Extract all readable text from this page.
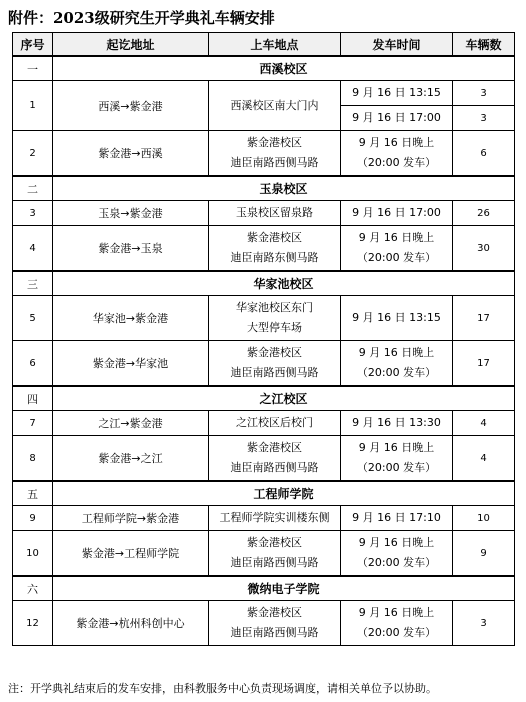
附件：2023级研究生开学典礼车辆安排
序号	起讫地址	上车地点	发车时间	车辆数
一	西溪校区			
1	西溪→紫金港	西溪校区南大门内	9 月 16 日 13:15	3

			9 月 16 日 17:00	3
2	紫金港→西溪	紫金港校区
迪臣南路西侧马路	9 月 16 日晚上
（20:00 发车）	6
二	玉泉校区			
3	玉泉→紫金港	玉泉校区留泉路	9 月 16 日 17:00	26
4	紫金港→玉泉	紫金港校区
迪臣南路东侧马路	9 月 16 日晚上
（20:00 发车）	30
三	华家池校区			
5	华家池→紫金港	华家池校区东门
大型停车场	9 月 16 日 13:15	17
6	紫金港→华家池	紫金港校区
迪臣南路西侧马路	9 月 16 日晚上
（20:00 发车）	17
四	之江校区			
7	之江→紫金港	之江校区后校门	9 月 16 日 13:30	4
8	紫金港→之江	紫金港校区
迪臣南路西侧马路	9 月 16 日晚上
（20:00 发车）	4
五	工程师学院			
9	工程师学院→紫金港	工程师学院实训楼东侧	9 月 16 日 17:10	10
10	紫金港→工程师学院	紫金港校区
迪臣南路西侧马路	9 月 16 日晚上
（20:00 发车）	9
六	微纳电子学院			
12	紫金港→杭州科创中心	紫金港校区
迪臣南路西侧马路	9 月 16 日晚上
（20:00 发车）	3
注：开学典礼结束后的发车安排，由科教服务中心负责现场调度，请相关单位予以协助。
